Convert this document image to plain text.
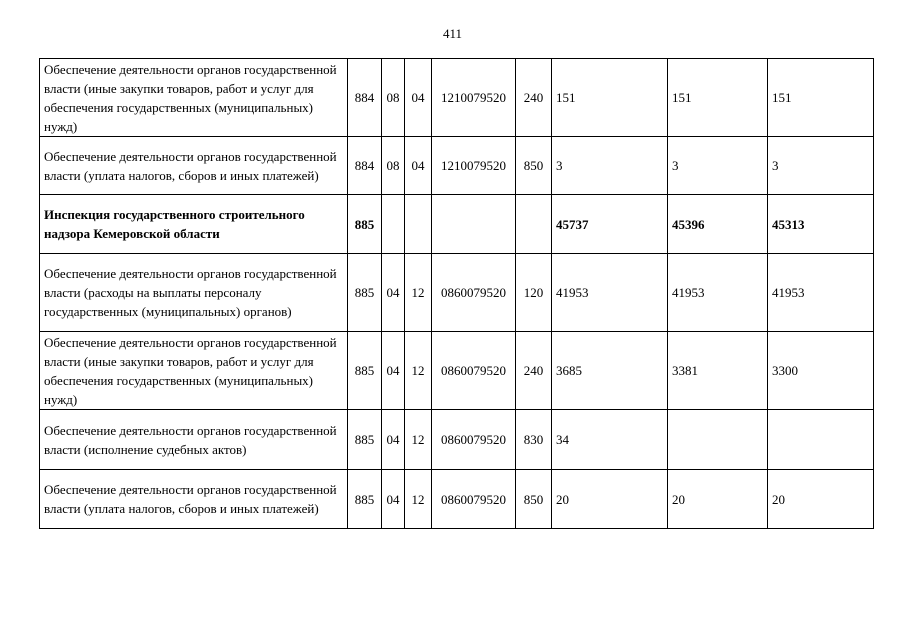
411
Обеспечение деятельности органов государственной власти (иные закупки товаров, работ и услуг для обеспечения государственных (муниципальных) нужд)	884	08	04	1210079520	240	151	151	151
Обеспечение деятельности органов государственной власти (уплата налогов, сборов и иных платежей)	884	08	04	1210079520	850	3	3	3
Инспекция государственного строительного надзора Кемеровской области	885					45737	45396	45313
Обеспечение деятельности органов государственной власти (расходы на выплаты персоналу государственных (муниципальных) органов)	885	04	12	0860079520	120	41953	41953	41953
Обеспечение деятельности органов государственной власти (иные закупки товаров, работ и услуг для обеспечения государственных (муниципальных) нужд)	885	04	12	0860079520	240	3685	3381	3300
Обеспечение деятельности органов государственной власти (исполнение судебных актов)	885	04	12	0860079520	830	34		
Обеспечение деятельности органов государственной власти (уплата налогов, сборов и иных платежей)	885	04	12	0860079520	850	20	20	20
